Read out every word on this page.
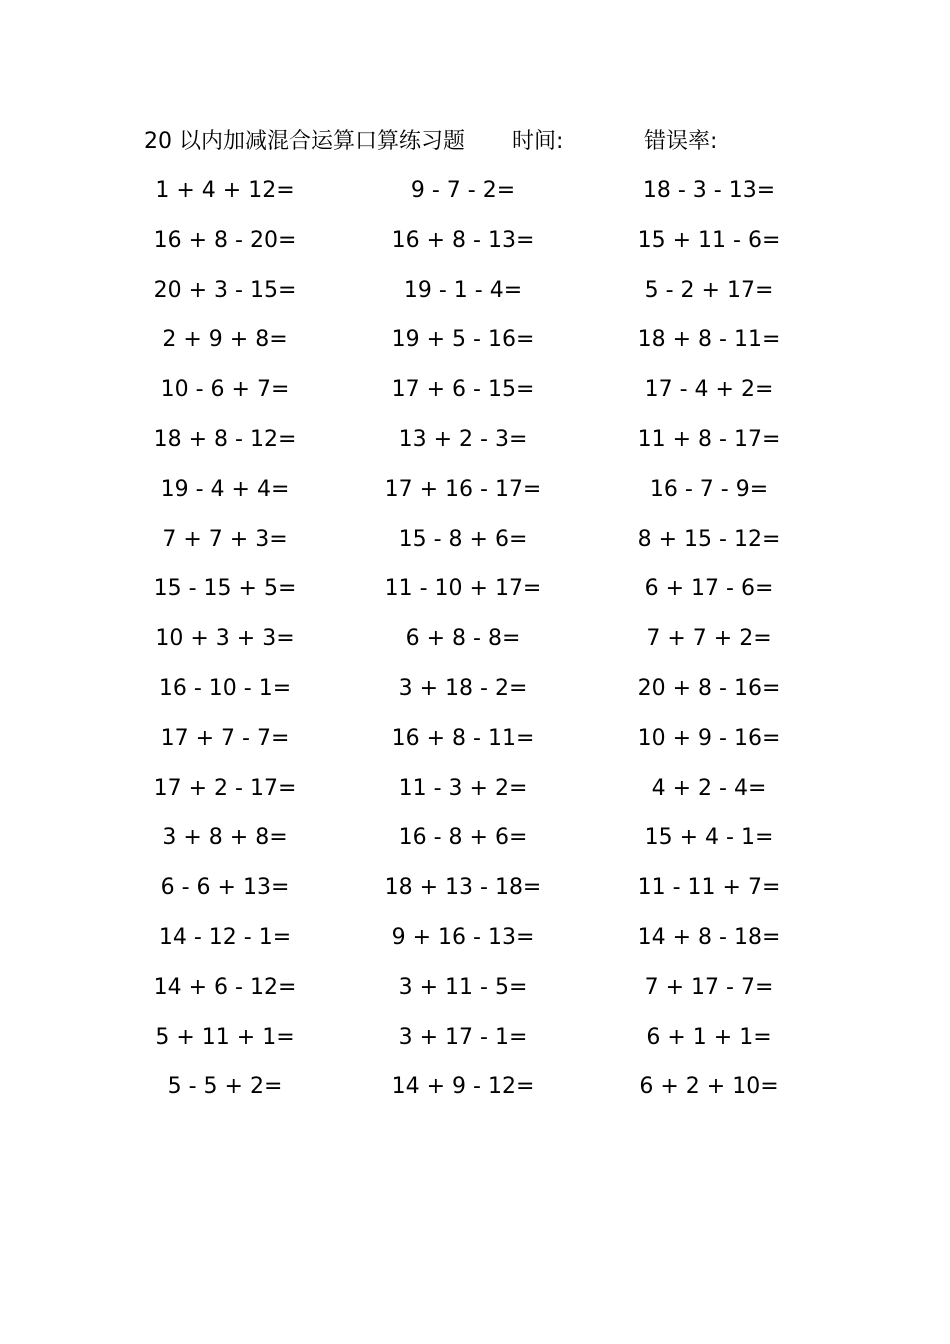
20 以内加减混合运算口算练习题 时间:	错误率:
1 + 4 + 12=	9 - 7 - 2=	18 - 3 - 13=
16 + 8 - 20=	16 + 8 - 13=	15 + 11 - 6=
20 + 3 - 15=	19 - 1 - 4=	5 - 2 + 17=
2 + 9 + 8=	19 + 5 - 16=	18 + 8 - 11=
10 - 6 + 7=	17 + 6 - 15=	17 - 4 + 2=
18 + 8 - 12=	13 + 2 - 3=	11 + 8 - 17=
19 - 4 + 4=	17 + 16 - 17=	16 - 7 - 9=
7 + 7 + 3=	15 - 8 + 6=	8 + 15 - 12=
15 - 15 + 5=	11 - 10 + 17=	6 + 17 - 6=
10 + 3 + 3=	6 + 8 - 8=	7 + 7 + 2=
16 - 10 - 1=	3 + 18 - 2=	20 + 8 - 16=
17 + 7 - 7=	16 + 8 - 11=	10 + 9 - 16=
17 + 2 - 17=	11 - 3 + 2=	4 + 2 - 4=
3 + 8 + 8=	16 - 8 + 6=	15 + 4 - 1=
6 - 6 + 13=	18 + 13 - 18=	11 - 11 + 7=
14 - 12 - 1=	9 + 16 - 13=	14 + 8 - 18=
14 + 6 - 12=	3 + 11 - 5=	7 + 17 - 7=
5 + 11 + 1=	3 + 17 - 1=	6 + 1 + 1=
5 - 5 + 2=	14 + 9 - 12=	6 + 2 + 10=
